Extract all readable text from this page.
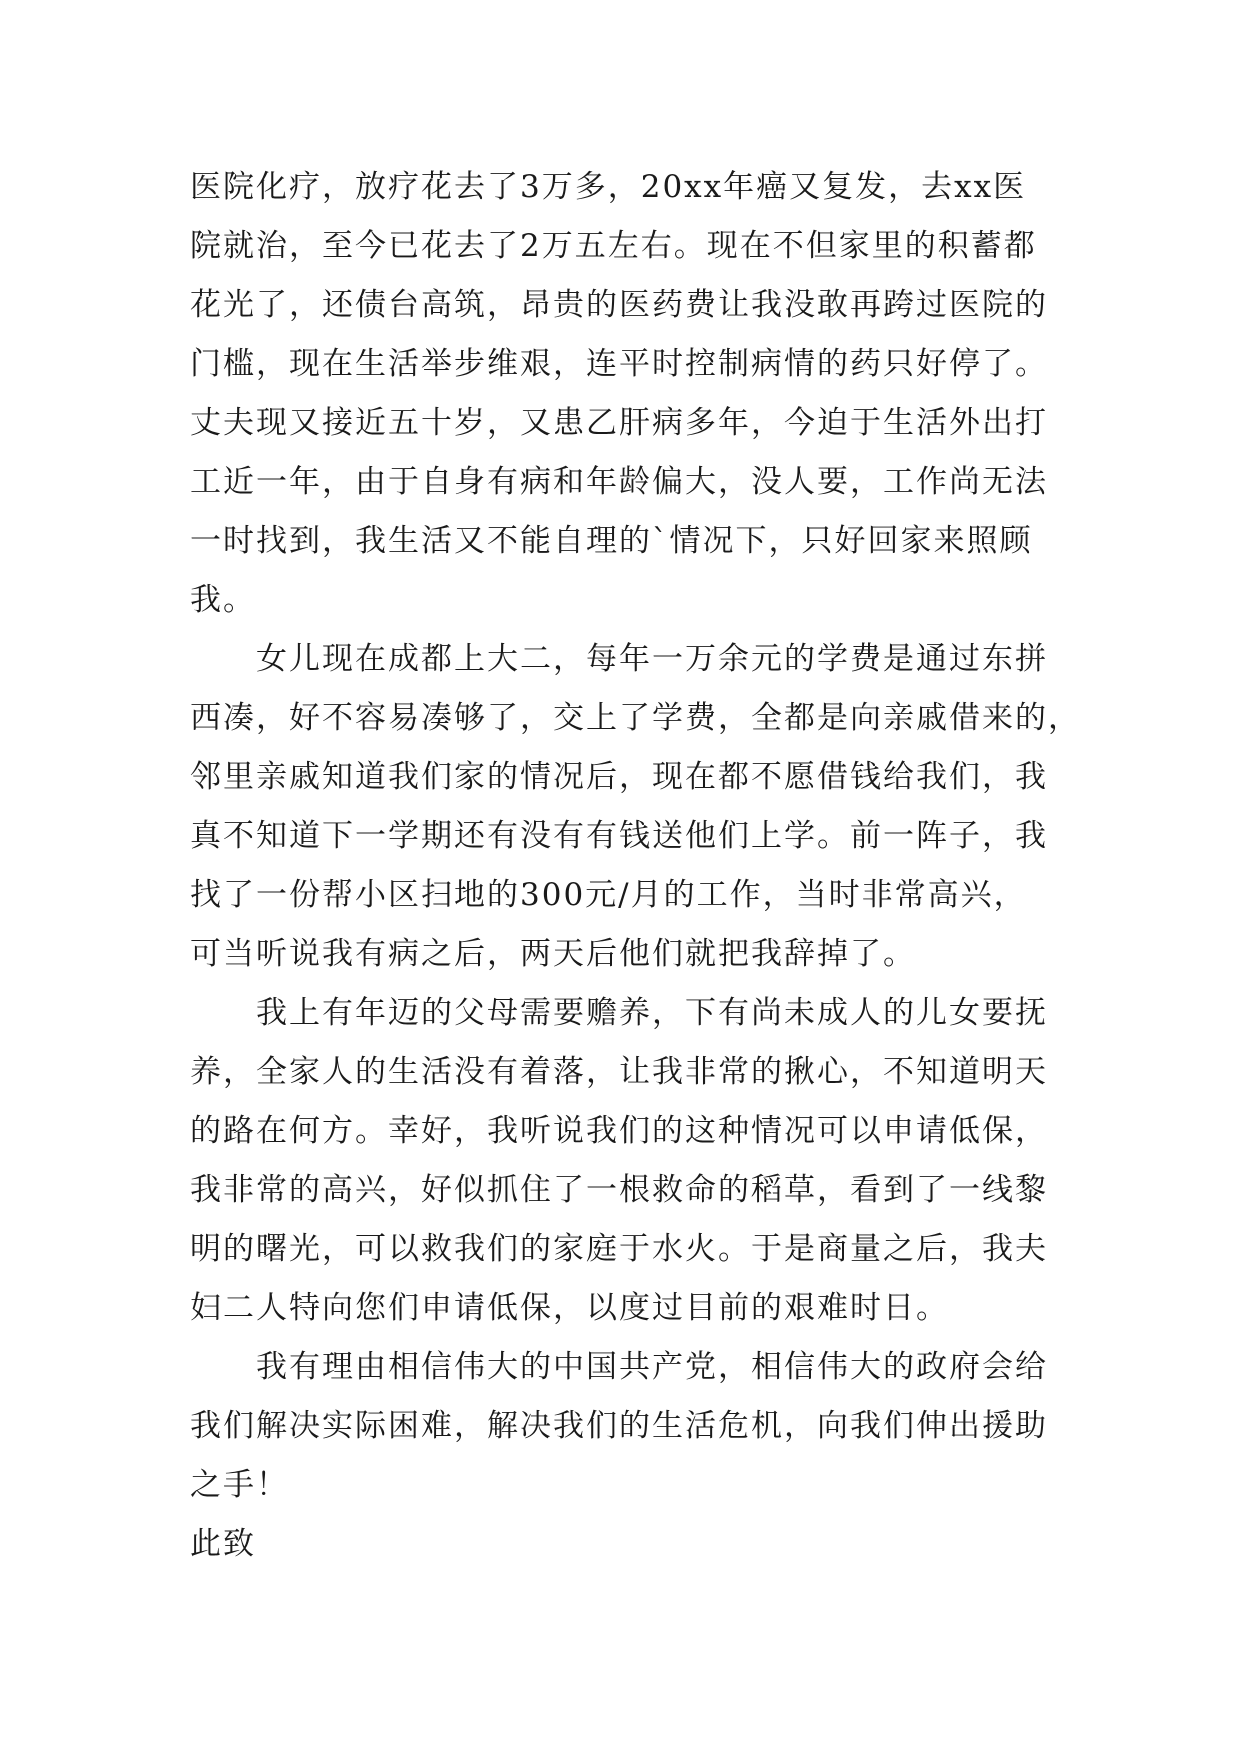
医院化疗，放疗花去了3万多，20xx年癌又复发，去xx医
院就治，至今已花去了2万五左右。现在不但家里的积蓄都
花光了，还债台高筑，昂贵的医药费让我没敢再跨过医院的
门槛，现在生活举步维艰，连平时控制病情的药只好停了。
丈夫现又接近五十岁，又患乙肝病多年，今迫于生活外出打
工近一年，由于自身有病和年龄偏大，没人要，工作尚无法
一时找到，我生活又不能自理的`情况下，只好回家来照顾
我。
女儿现在成都上大二，每年一万余元的学费是通过东拼
西凑，好不容易凑够了，交上了学费，全都是向亲戚借来的，
邻里亲戚知道我们家的情况后，现在都不愿借钱给我们，我
真不知道下一学期还有没有有钱送他们上学。前一阵子，我
找了一份帮小区扫地的300元/月的工作，当时非常高兴，
可当听说我有病之后，两天后他们就把我辞掉了。
我上有年迈的父母需要赡养，下有尚未成人的儿女要抚
养，全家人的生活没有着落，让我非常的揪心，不知道明天
的路在何方。幸好，我听说我们的这种情况可以申请低保，
我非常的高兴，好似抓住了一根救命的稻草，看到了一线黎
明的曙光，可以救我们的家庭于水火。于是商量之后，我夫
妇二人特向您们申请低保，以度过目前的艰难时日。
我有理由相信伟大的中国共产党，相信伟大的政府会给
我们解决实际困难，解决我们的生活危机，向我们伸出援助
之手！
此致
